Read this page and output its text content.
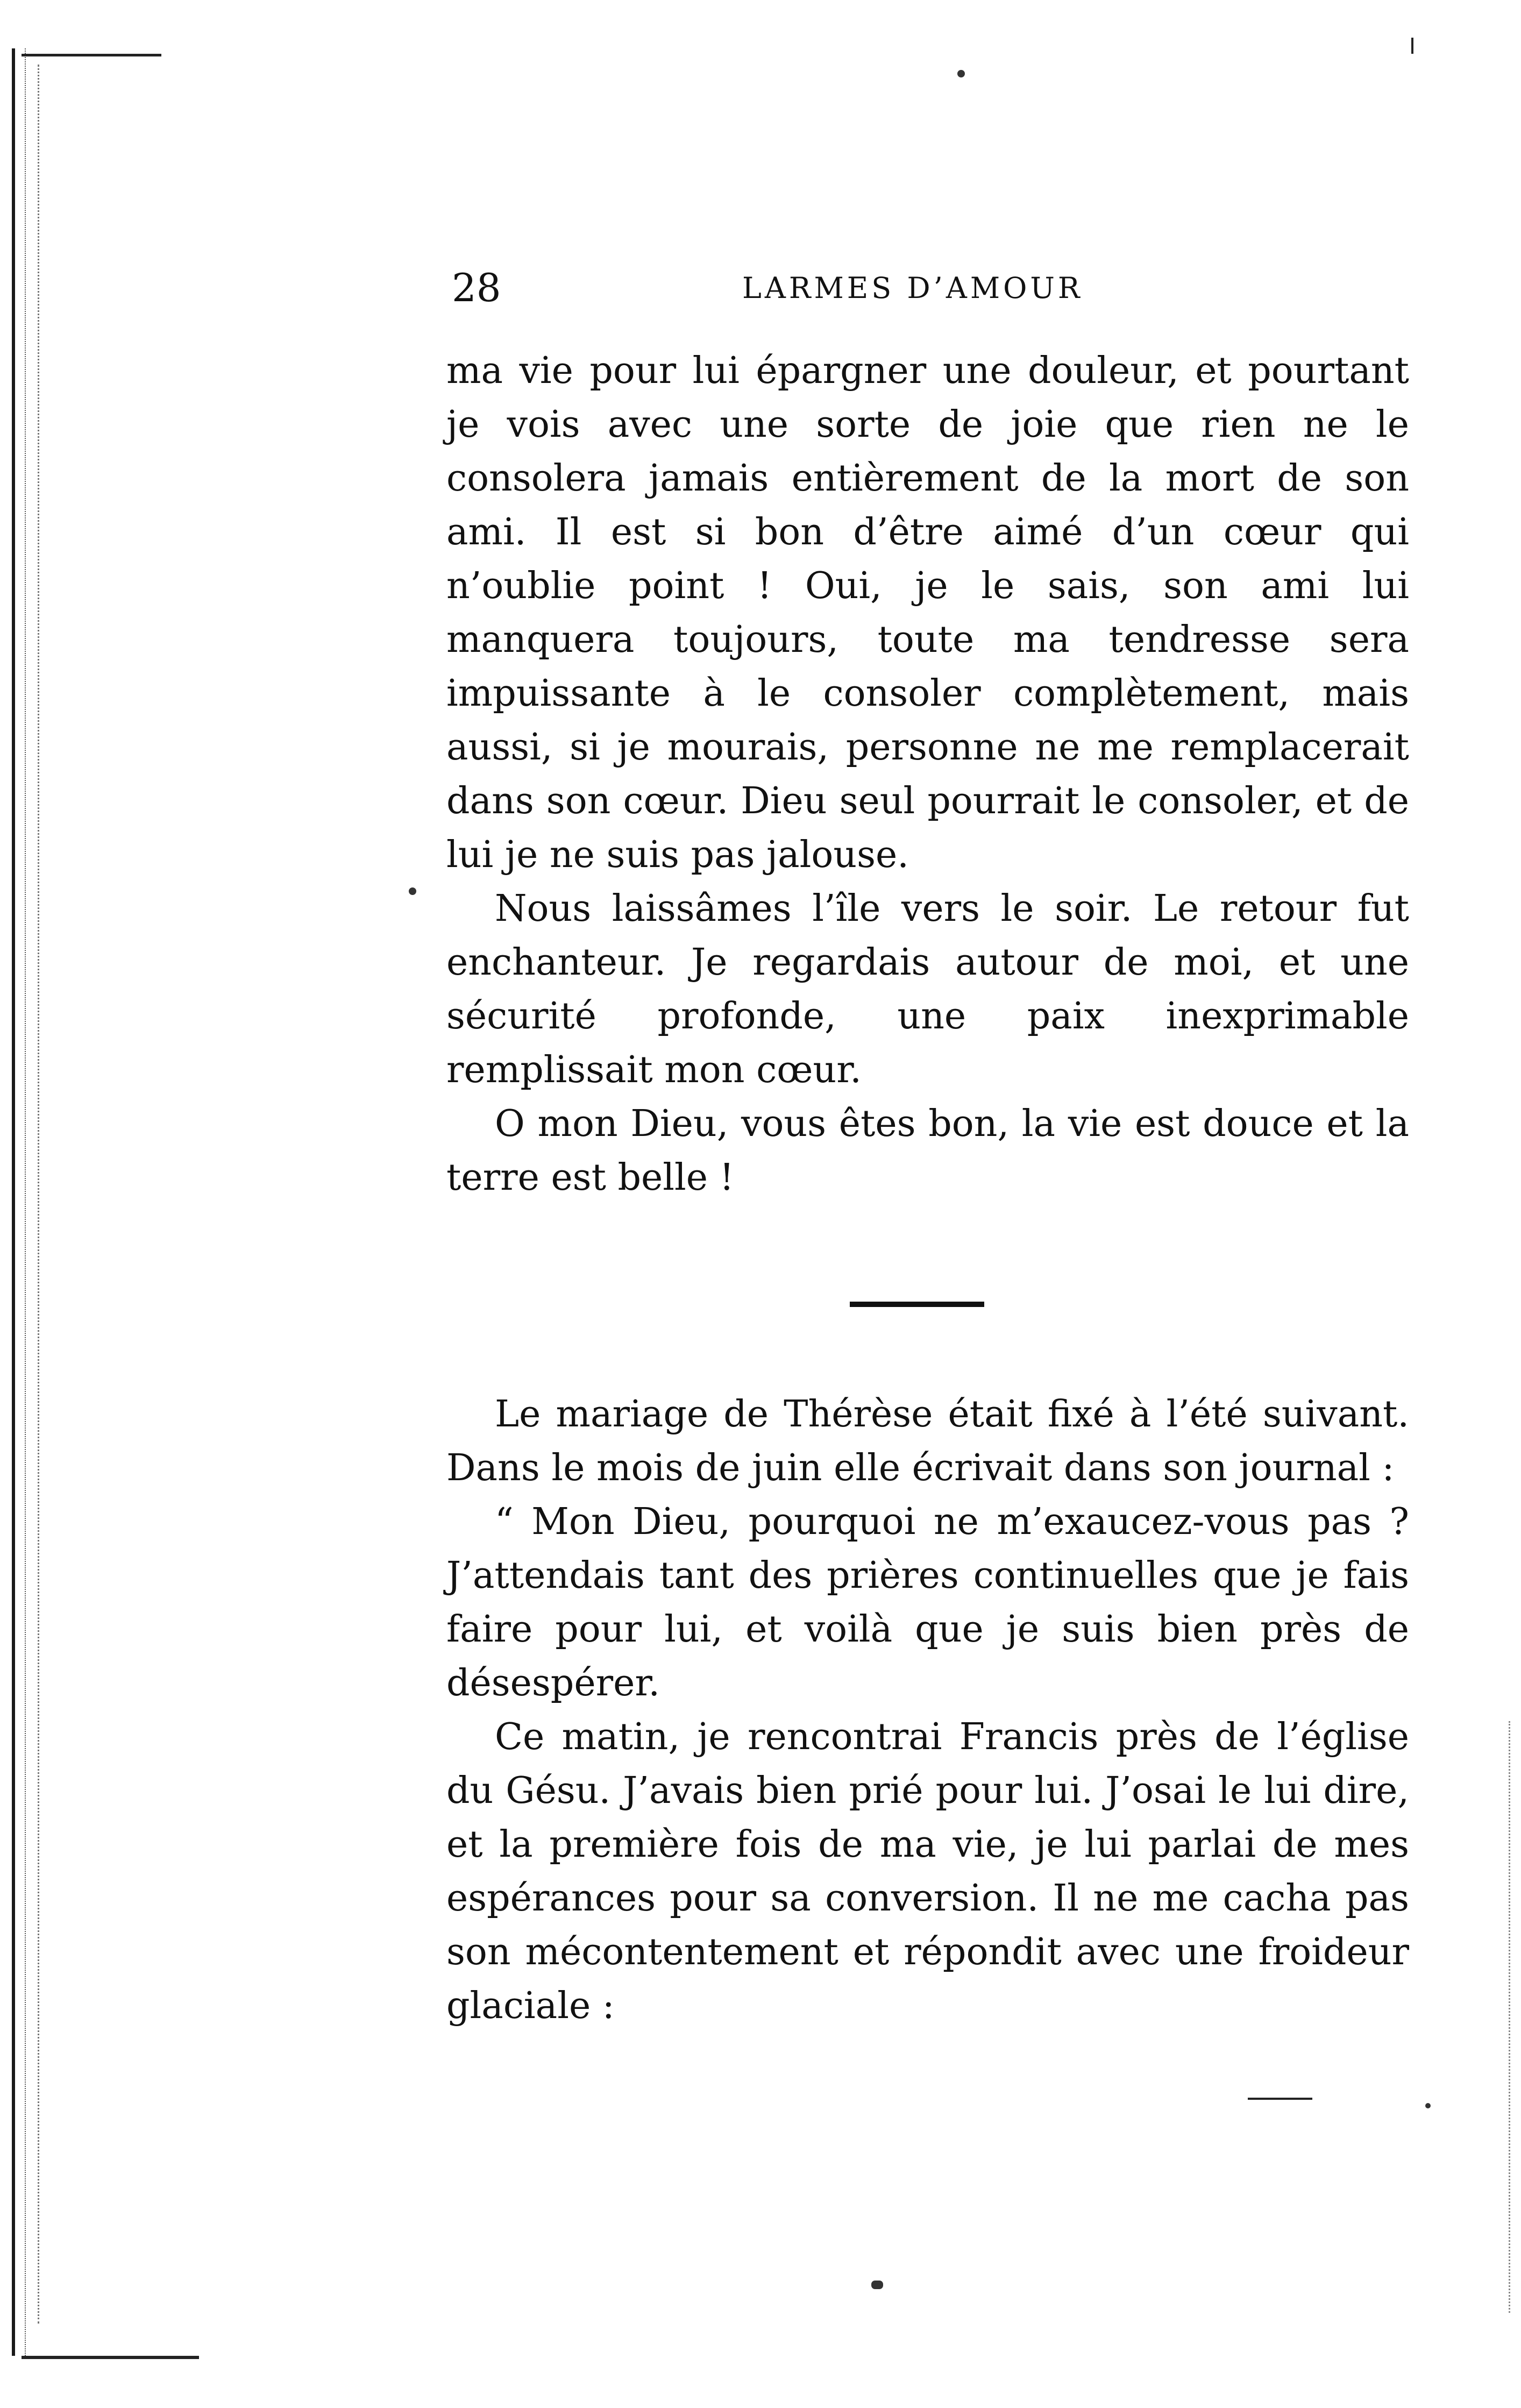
28	LARMES D’AMOUR

ma vie pour lui épargner une douleur, et pourtant je vois avec une sorte de joie que rien ne le consolera jamais entièrement de la mort de son ami. Il est si bon d’être aimé d’un cœur qui n’oublie point ! Oui, je le sais, son ami lui manquera toujours, toute ma tendresse sera impuissante à le consoler complètement, mais aussi, si je mourais, personne ne me remplacerait dans son cœur. Dieu seul pourrait le consoler, et de lui je ne suis pas jalouse.

Nous laissâmes l’île vers le soir. Le retour fut enchanteur. Je regardais autour de moi, et une sécurité profonde, une paix inexprimable remplissait mon cœur.

O mon Dieu, vous êtes bon, la vie est douce et la terre est belle !

Le mariage de Thérèse était fixé à l’été suivant. Dans le mois de juin elle écrivait dans son journal :

“ Mon Dieu, pourquoi ne m’exaucez-vous pas ? J’attendais tant des prières continuelles que je fais faire pour lui, et voilà que je suis bien près de désespérer.

Ce matin, je rencontrai Francis près de l’église du Gésu. J’avais bien prié pour lui. J’osai le lui dire, et la première fois de ma vie, je lui parlai de mes espérances pour sa conversion. Il ne me cacha pas son mécontentement et répondit avec une froideur glaciale :
